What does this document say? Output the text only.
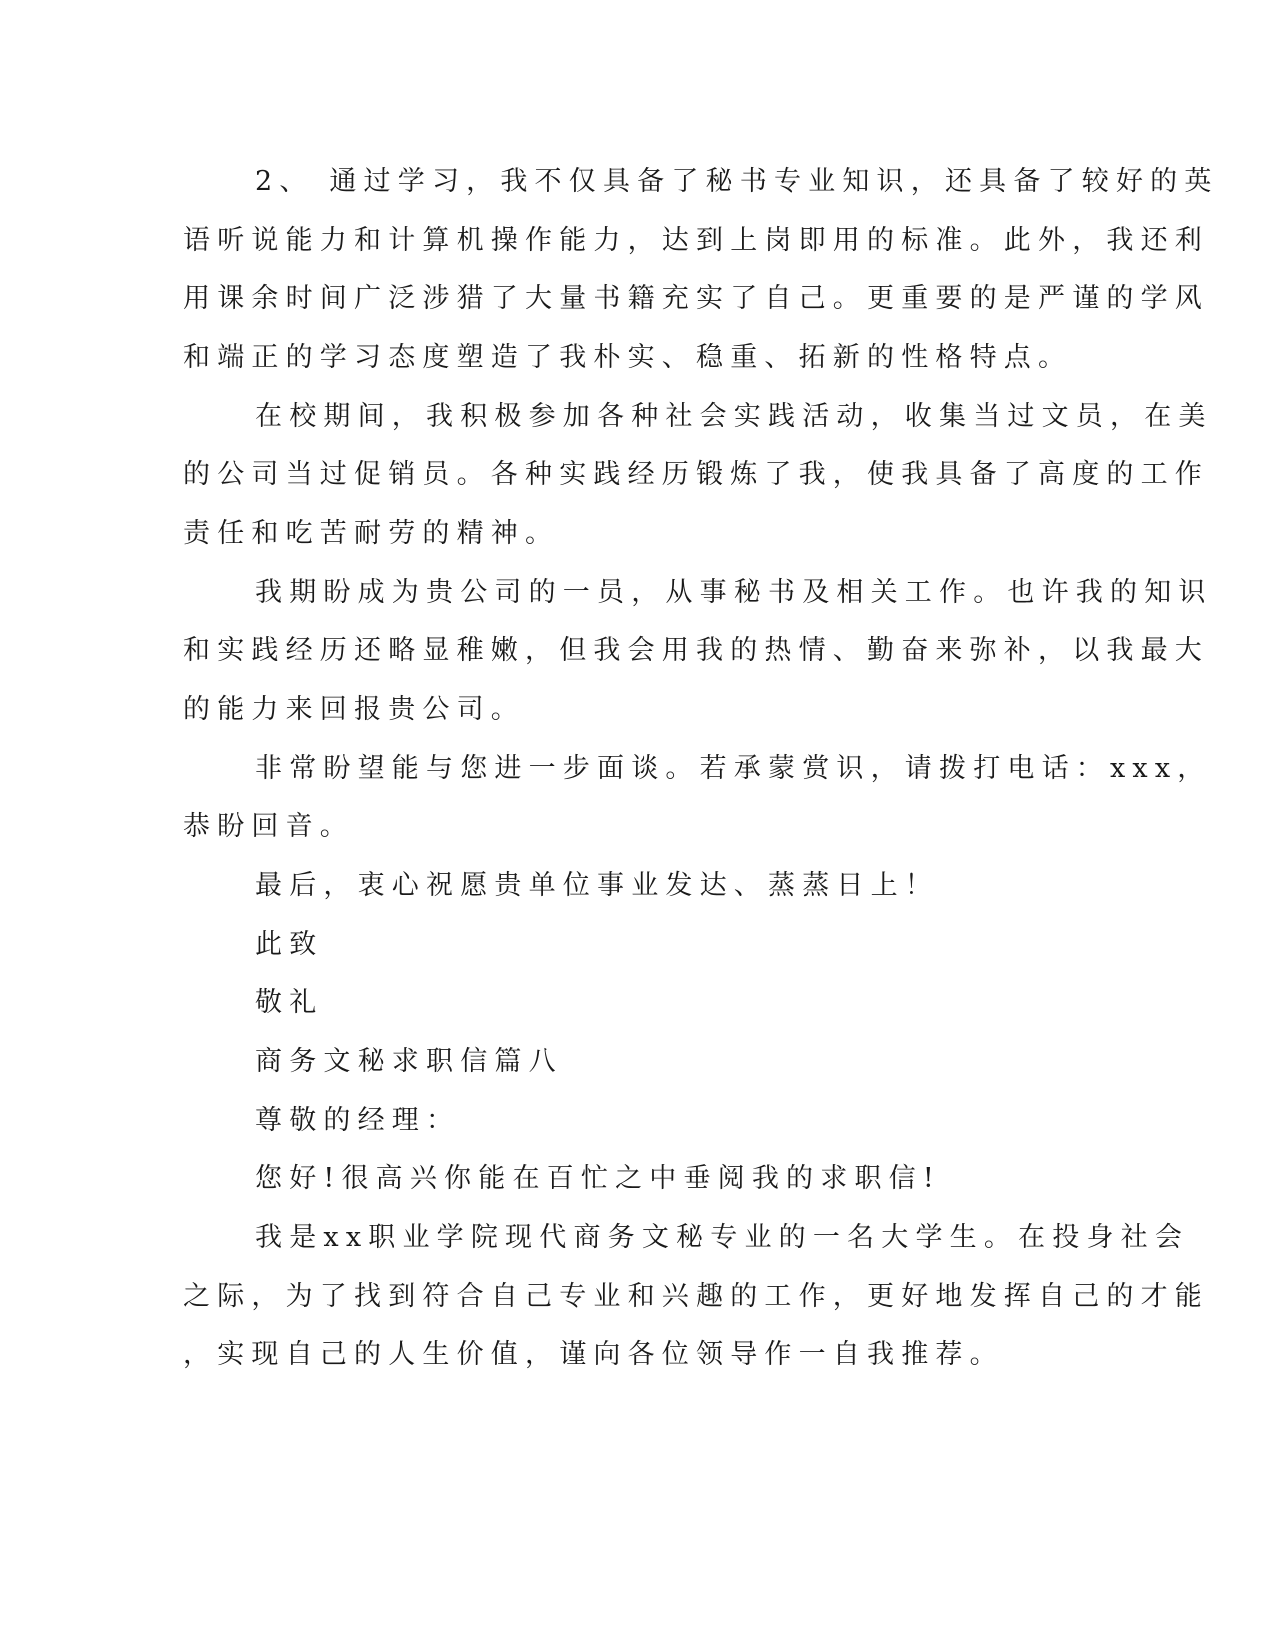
2、 通过学习，我不仅具备了秘书专业知识，还具备了较好的英

语听说能力和计算机操作能力，达到上岗即用的标准。此外，我还利

用课余时间广泛涉猎了大量书籍充实了自己。更重要的是严谨的学风

和端正的学习态度塑造了我朴实、稳重、拓新的性格特点。

在校期间，我积极参加各种社会实践活动，收集当过文员，在美

的公司当过促销员。各种实践经历锻炼了我，使我具备了高度的工作

责任和吃苦耐劳的精神。

我期盼成为贵公司的一员，从事秘书及相关工作。也许我的知识

和实践经历还略显稚嫩，但我会用我的热情、勤奋来弥补，以我最大

的能力来回报贵公司。

非常盼望能与您进一步面谈。若承蒙赏识，请拨打电话：xxx，

恭盼回音。

最后，衷心祝愿贵单位事业发达、蒸蒸日上！

此致

敬礼

商务文秘求职信篇八

尊敬的经理：

您好!很高兴你能在百忙之中垂阅我的求职信!

我是xx职业学院现代商务文秘专业的一名大学生。在投身社会

之际，为了找到符合自己专业和兴趣的工作，更好地发挥自己的才能

，实现自己的人生价值，谨向各位领导作一自我推荐。
